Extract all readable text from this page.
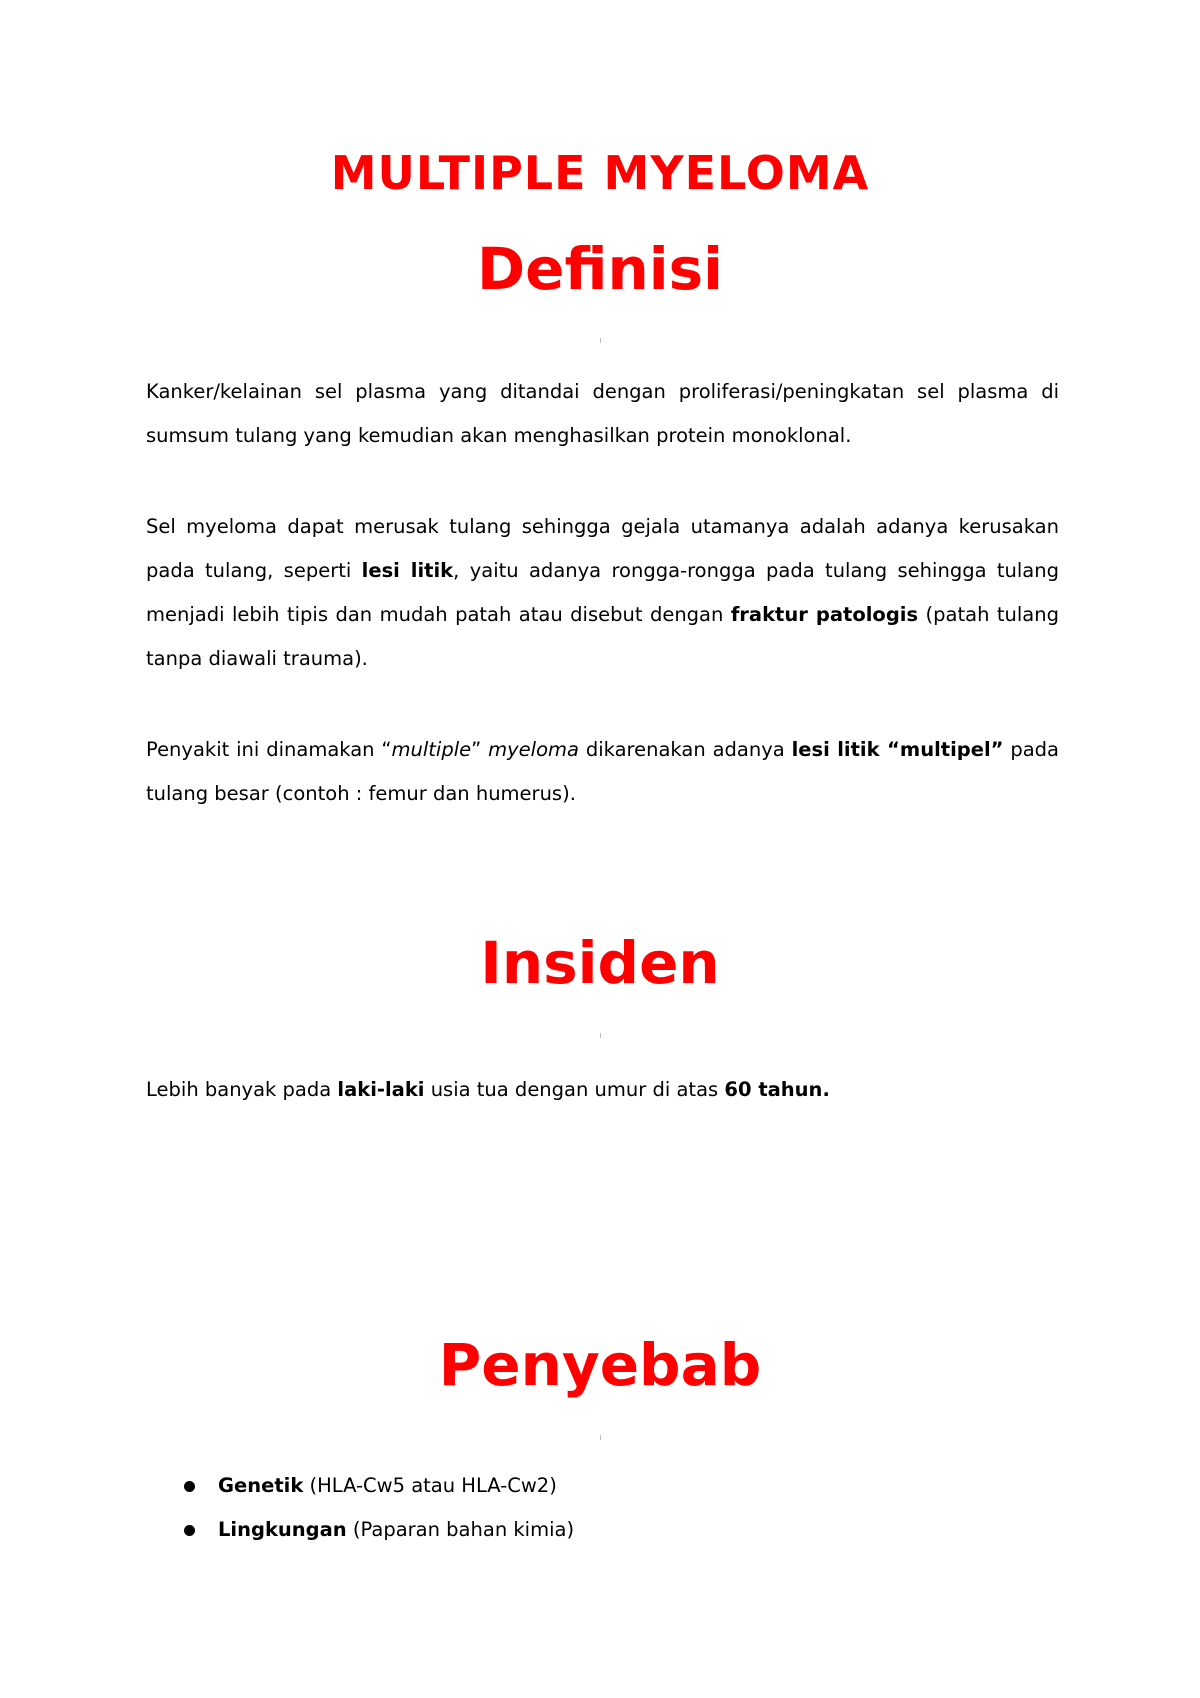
MULTIPLE MYELOMA
Definisi

Kanker/kelainan sel plasma yang ditandai dengan proliferasi/peningkatan sel plasma di sumsum tulang yang kemudian akan menghasilkan protein monoklonal.

Sel myeloma dapat merusak tulang sehingga gejala utamanya adalah adanya kerusakan pada tulang, seperti lesi litik, yaitu adanya rongga-rongga pada tulang sehingga tulang menjadi lebih tipis dan mudah patah atau disebut dengan fraktur patologis (patah tulang tanpa diawali trauma).

Penyakit ini dinamakan “multiple” myeloma dikarenakan adanya lesi litik “multipel” pada tulang besar (contoh : femur dan humerus).

Insiden

Lebih banyak pada laki-laki usia tua dengan umur di atas 60 tahun.

Penyebab
Genetik (HLA-Cw5 atau HLA-Cw2)
Lingkungan (Paparan bahan kimia)
